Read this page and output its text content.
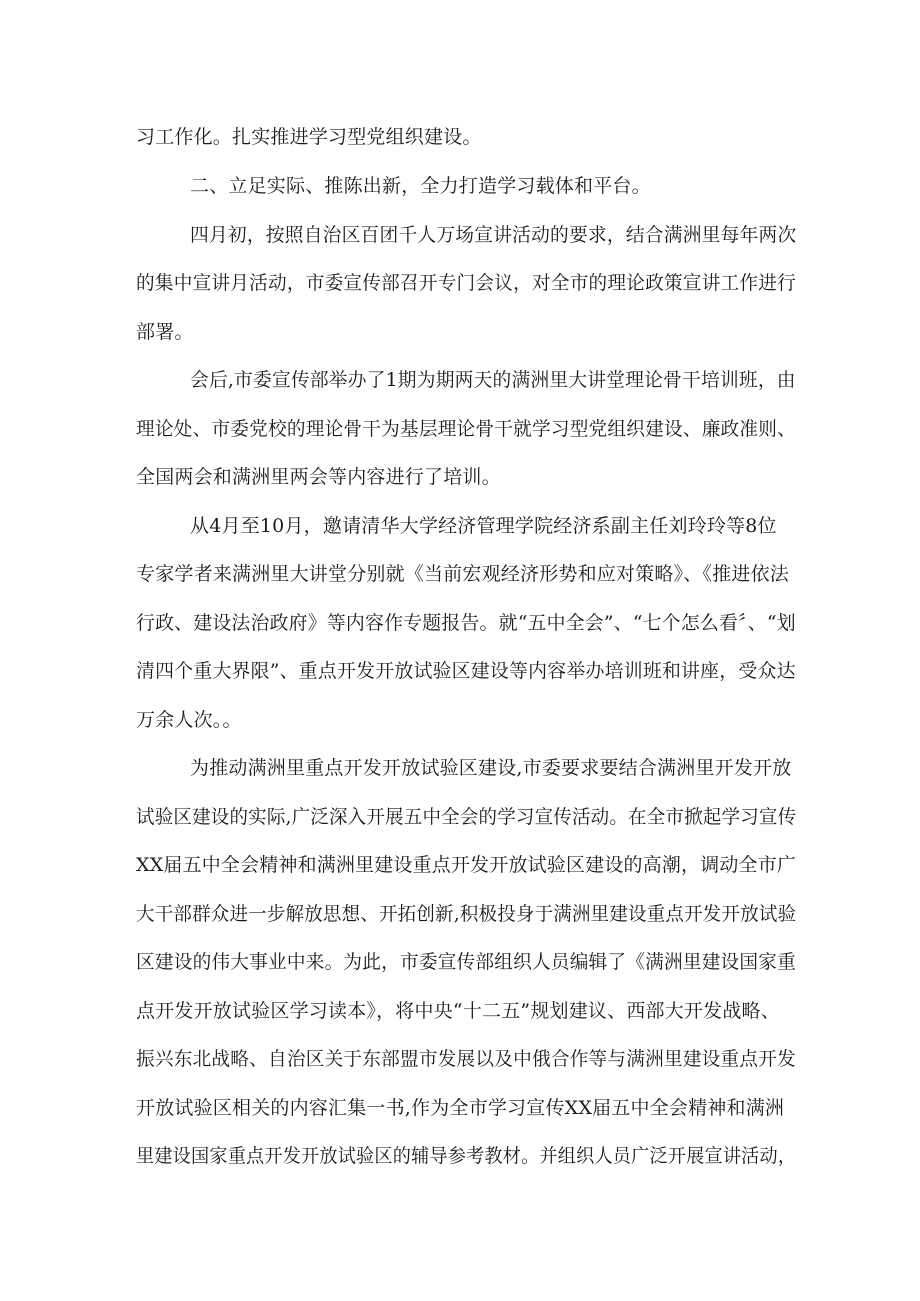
习工作化。扎实推进学习型党组织建设。
二、立足实际、推陈出新，全力打造学习载体和平台。
四月初，按照自治区百团千人万场宣讲活动的要求，结合满洲里每年两次
的集中宣讲月活动，市委宣传部召开专门会议，对全市的理论政策宣讲工作进行
部署。
会后,市委宣传部举办了1期为期两天的满洲里大讲堂理论骨干培训班，由
理论处、市委党校的理论骨干为基层理论骨干就学习型党组织建设、廉政准则、
全国两会和满洲里两会等内容进行了培训。
从4月至10月，邀请清华大学经济管理学院经济系副主任刘玲玲等8位
专家学者来满洲里大讲堂分别就《当前宏观经济形势和应对策略》、《推进依法
行政、建设法治政府》等内容作专题报告。就“五中全会”、“七个怎么看〞、“划
清四个重大界限”、重点开发开放试验区建设等内容举办培训班和讲座，受众达
万余人次。。
为推动满洲里重点开发开放试验区建设,市委要求要结合满洲里开发开放
试验区建设的实际,广泛深入开展五中全会的学习宣传活动。在全市掀起学习宣传
XX届五中全会精神和满洲里建设重点开发开放试验区建设的高潮，调动全市广
大干部群众进一步解放思想、开拓创新,积极投身于满洲里建设重点开发开放试验
区建设的伟大事业中来。为此，市委宣传部组织人员编辑了《满洲里建设国家重
点开发开放试验区学习读本》，将中央“十二五”规划建议、西部大开发战略、
振兴东北战略、自治区关于东部盟市发展以及中俄合作等与满洲里建设重点开发
开放试验区相关的内容汇集一书,作为全市学习宣传XX届五中全会精神和满洲
里建设国家重点开发开放试验区的辅导参考教材。并组织人员广泛开展宣讲活动，
